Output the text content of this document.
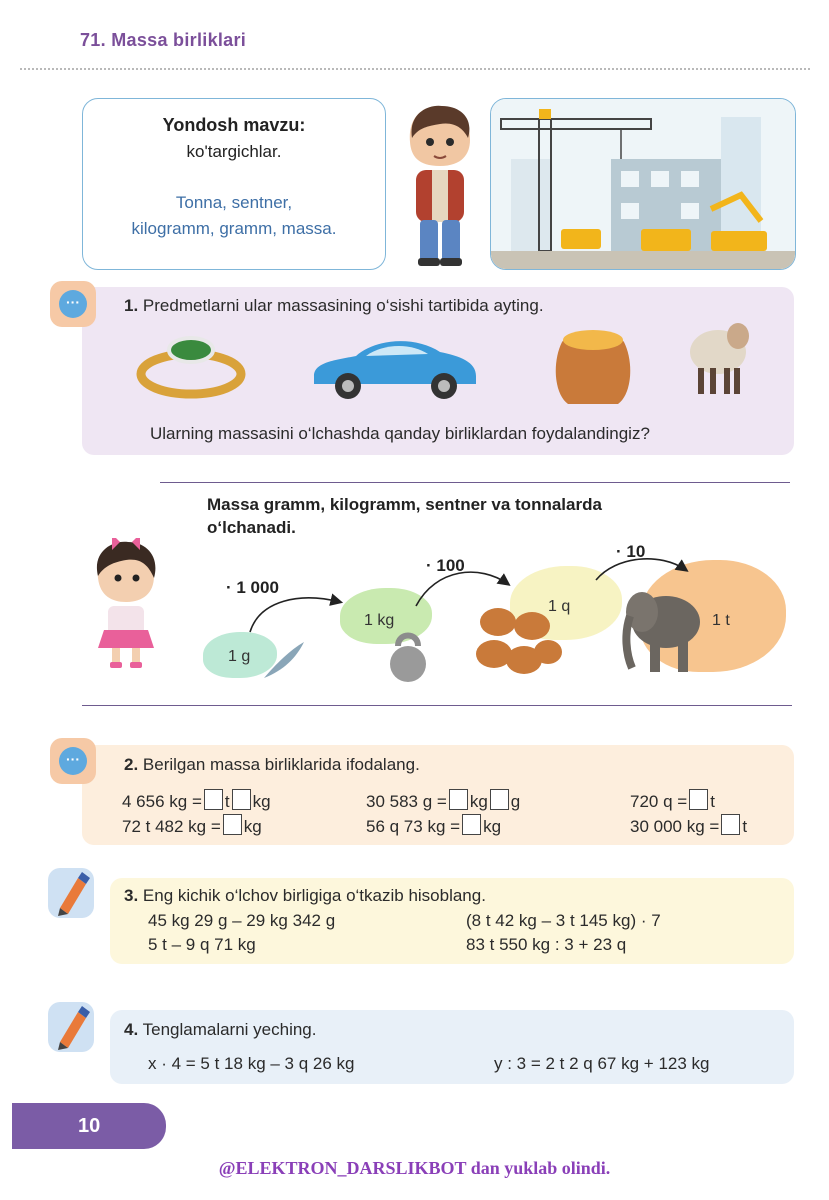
71. Massa birliklari
Yondosh mavzu:
ko'targichlar.
Tonna, sentner,
kilogramm, gramm, massa.
···	1. Predmetlarni ular massasining o‘sishi tartibida ayting.
Ularning massasini o‘lchashda qanday birliklardan foydalandingiz?
Massa gramm, kilogramm, sentner va tonnalarda
o‘lchanadi.
1 g
1 kg
1 q
1 t
· 1 000
· 100
· 10
···	2. Berilgan massa birliklarida ifodalang.
4 656 kg = t kg	30 583 g = kg g	720 q = t
72 t 482 kg = kg	56 q 73 kg = kg	30 000 kg = t
3. Eng kichik o‘lchov birligiga o‘tkazib hisoblang.
45 kg 29 g – 29 kg 342 g	(8 t 42 kg – 3 t 145 kg) · 7
5 t – 9 q 71 kg	83 t 550 kg : 3 + 23 q
4. Tenglamalarni yeching.
x · 4 = 5 t 18 kg – 3 q 26 kg	y : 3 = 2 t 2 q 67 kg + 123 kg
10
@ELEKTRON_DARSLIKBOT dan yuklab olindi.
